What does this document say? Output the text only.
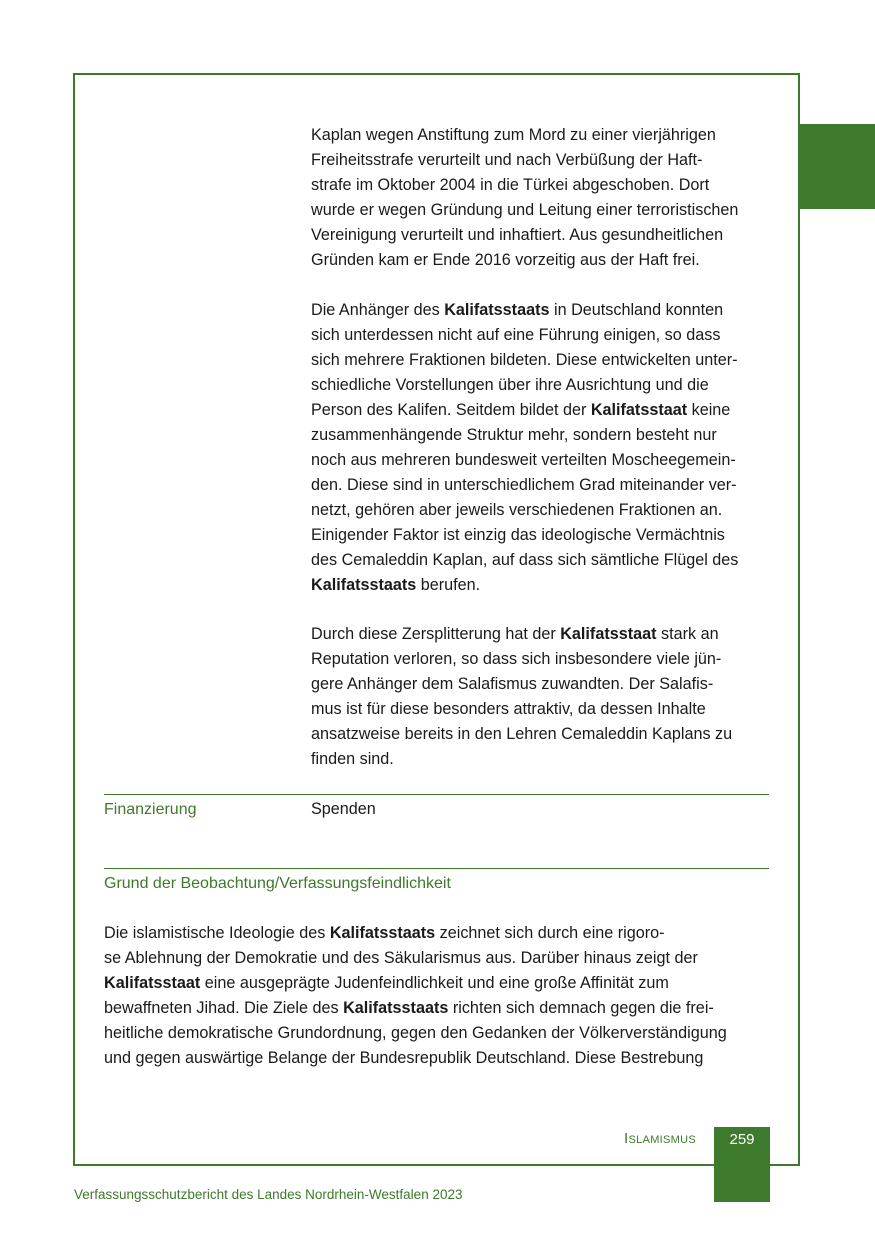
Kaplan wegen Anstiftung zum Mord zu einer vierjährigen
Freiheitsstrafe verurteilt und nach Verbüßung der Haft-
strafe im Oktober 2004 in die Türkei abgeschoben. Dort
wurde er wegen Gründung und Leitung einer terroristischen
Vereinigung verurteilt und inhaftiert. Aus gesundheitlichen
Gründen kam er Ende 2016 vorzeitig aus der Haft frei.

Die Anhänger des Kalifatsstaats in Deutschland konnten
sich unterdessen nicht auf eine Führung einigen, so dass
sich mehrere Fraktionen bildeten. Diese entwickelten unter-
schiedliche Vorstellungen über ihre Ausrichtung und die
Person des Kalifen. Seitdem bildet der Kalifatsstaat keine
zusammenhängende Struktur mehr, sondern besteht nur
noch aus mehreren bundesweit verteilten Moscheegemein-
den. Diese sind in unterschiedlichem Grad miteinander ver-
netzt, gehören aber jeweils verschiedenen Fraktionen an.
Einigender Faktor ist einzig das ideologische Vermächtnis
des Cemaleddin Kaplan, auf dass sich sämtliche Flügel des
Kalifatsstaats berufen.

Durch diese Zersplitterung hat der Kalifatsstaat stark an
Reputation verloren, so dass sich insbesondere viele jün-
gere Anhänger dem Salafismus zuwandten. Der Salafis-
mus ist für diese besonders attraktiv, da dessen Inhalte
ansatzweise bereits in den Lehren Cemaleddin Kaplans zu
finden sind.

Finanzierung	Spenden
Grund der Beobachtung/Verfassungsfeindlichkeit

Die islamistische Ideologie des Kalifatsstaats zeichnet sich durch eine rigoro-
se Ablehnung der Demokratie und des Säkularismus aus. Darüber hinaus zeigt der
Kalifatsstaat eine ausgeprägte Judenfeindlichkeit und eine große Affinität zum
bewaffneten Jihad. Die Ziele des Kalifatsstaats richten sich demnach gegen die frei-
heitliche demokratische Grundordnung, gegen den Gedanken der Völkerverständigung
und gegen auswärtige Belange der Bundesrepublik Deutschland. Diese Bestrebung

Islamismus	259
Verfassungsschutzbericht des Landes Nordrhein-Westfalen 2023
